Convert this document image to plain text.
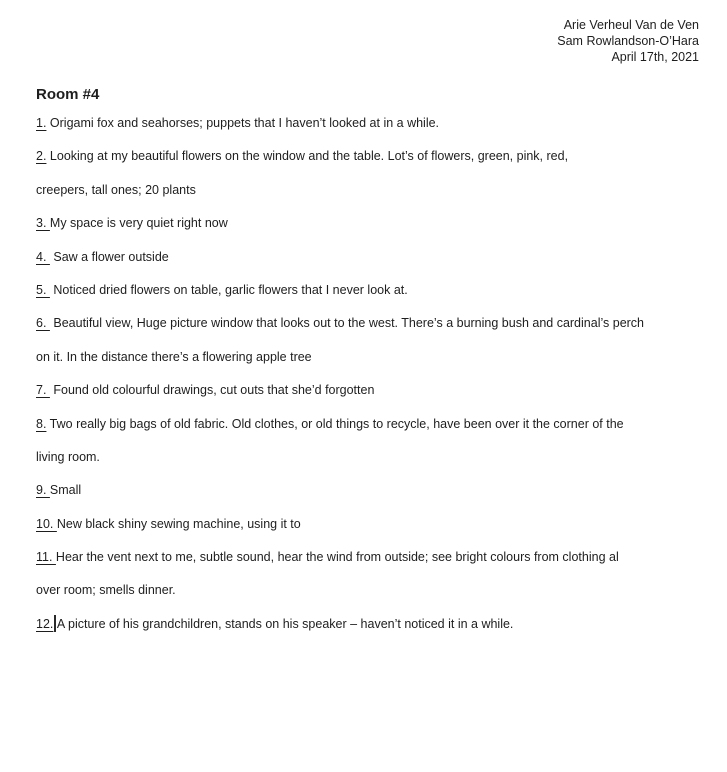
Arie Verheul Van de Ven
Sam Rowlandson-O’Hara
April 17th, 2021
Room #4
1. Origami fox and seahorses; puppets that I haven’t looked at in a while.
2. Looking at my beautiful flowers on the window and the table. Lot’s of flowers, green, pink, red,
creepers, tall ones; 20 plants
3. My space is very quiet right now
4.  Saw a flower outside
5.  Noticed dried flowers on table, garlic flowers that I never look at.
6.  Beautiful view, Huge picture window that looks out to the west. There’s a burning bush and cardinal’s perch
on it. In the distance there’s a flowering apple tree
7.  Found old colourful drawings, cut outs that she’d forgotten
8. Two really big bags of old fabric. Old clothes, or old things to recycle, have been over it the corner of the
living room.
9. Small
10. New black shiny sewing machine, using it to
11. Hear the vent next to me, subtle sound, hear the wind from outside; see bright colours from clothing al
over room; smells dinner.
12. A picture of his grandchildren, stands on his speaker – haven’t noticed it in a while.
